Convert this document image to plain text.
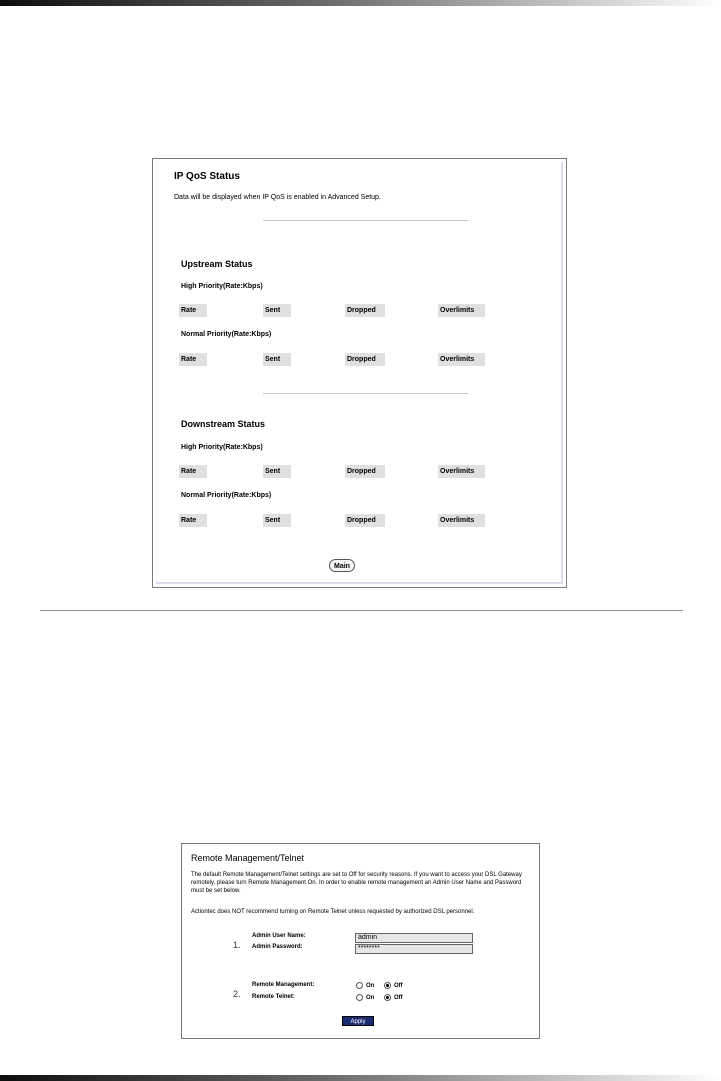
IP QoS Status
Data will be displayed when IP QoS is enabled in Advanced Setup.
Upstream Status
High Priority(Rate:Kbps)
Rate	Sent	Dropped	Overlimits
Normal Priority(Rate:Kbps)
Rate	Sent	Dropped	Overlimits
Downstream Status
High Priority(Rate:Kbps)
Rate	Sent	Dropped	Overlimits
Normal Priority(Rate:Kbps)
Rate	Sent	Dropped	Overlimits
Main
Remote Management/Telnet
The default Remote Management/Telnet settings are set to Off for security reasons. If you want to access your DSL Gateway remotely, please turn Remote Management On. In order to enable remote management an Admin User Name and Password must be set below.
Actiontec does NOT recommend turning on Remote Telnet unless requested by authorized DSL personnel.
1.
Admin User Name:
admin
Admin Password:
********
2.
Remote Management:	On	Off
Remote Telnet:	On	Off
Apply
